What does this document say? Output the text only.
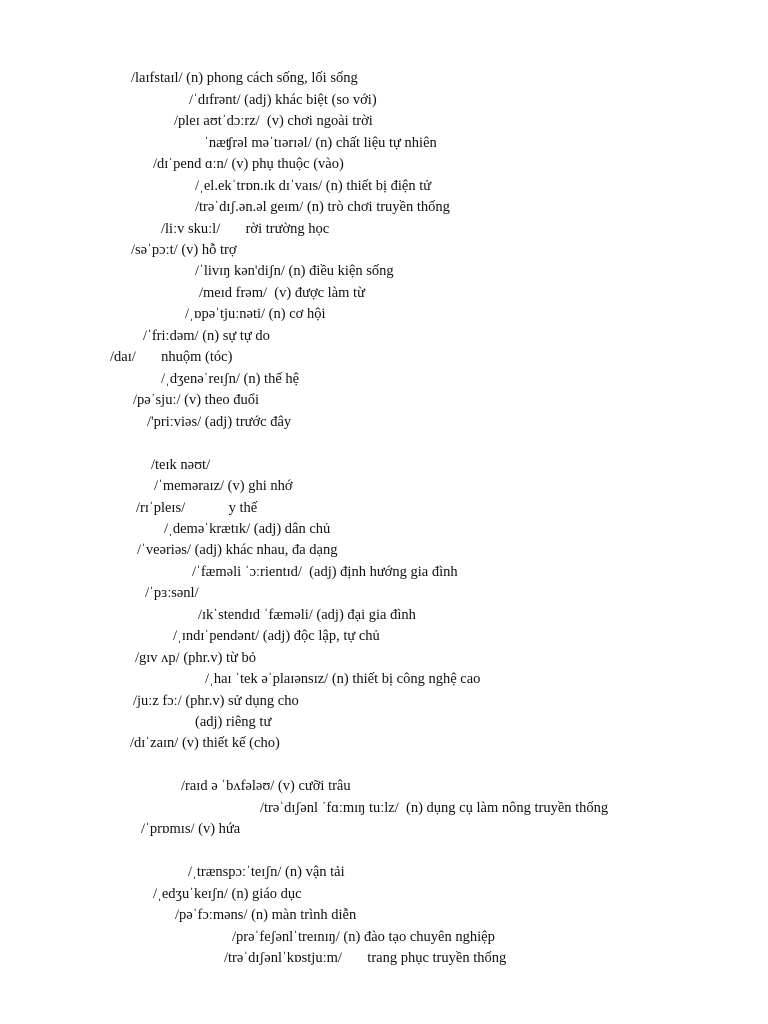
/laɪfstaɪl/ (n) phong cách sống, lối sống
/ˈdɪfrənt/ (adj) khác biệt (so với)
/pleɪ aʊtˈdɔːrz/  (v) chơi ngoài trời
ˈnæʧrəl məˈtɪərɪəl/ (n) chất liệu tự nhiên
/dɪˈpend ɑːn/ (v) phụ thuộc (vào)
/ˌel.ekˈtrɒn.ɪk dɪˈvaɪs/ (n) thiết bị điện tử
/trəˈdɪʃ.ən.əl geɪm/ (n) trò chơi truyền thống
/liːv skuːl/       rời trường học
/səˈpɔːt/ (v) hỗ trợ
/ˈlivɪŋ kən'diʃn/ (n) điều kiện sống
/meɪd frəm/  (v) được làm từ
/ˌɒpəˈtjuːnəti/ (n) cơ hội
/ˈfriːdəm/ (n) sự tự do
/daɪ/       nhuộm (tóc)
/ˌdʒenəˈreɪʃn/ (n) thế hệ
/pəˈsjuː/ (v) theo đuổi
/'priːviəs/ (adj) trước đây
/teɪk nəʊt/
/ˈmeməraɪz/ (v) ghi nhớ
/rɪˈpleɪs/            y thế
/ˌdeməˈkrætɪk/ (adj) dân chủ
/ˈveəriəs/ (adj) khác nhau, đa dạng
/ˈfæməli ˈɔːrientɪd/  (adj) định hướng gia đình
/ˈpɜːsənl/
/ɪkˈstendɪd ˈfæməli/ (adj) đại gia đình
/ˌɪndɪˈpendənt/ (adj) độc lập, tự chủ
/gɪv ʌp/ (phr.v) từ bỏ
/ˌhaɪ ˈtek əˈplaɪənsɪz/ (n) thiết bị công nghệ cao
/juːz fɔː/ (phr.v) sử dụng cho
(adj) riêng tư
/dɪˈzaɪn/ (v) thiết kế (cho)
/raɪd ə ˈbʌfələʊ/ (v) cưỡi trâu
/trəˈdɪʃənl ˈfɑːmɪŋ tuːlz/  (n) dụng cụ làm nông truyền thống
/ˈprɒmɪs/ (v) hứa
/ˌtrænspɔːˈteɪʃn/ (n) vận tải
/ˌedʒuˈkeɪʃn/ (n) giáo dục
/pəˈfɔːməns/ (n) màn trình diễn
/prəˈfeʃənlˈtreɪnɪŋ/ (n) đào tạo chuyên nghiệp
/trəˈdɪʃənlˈkɒstjuːm/       trang phục truyền thống
